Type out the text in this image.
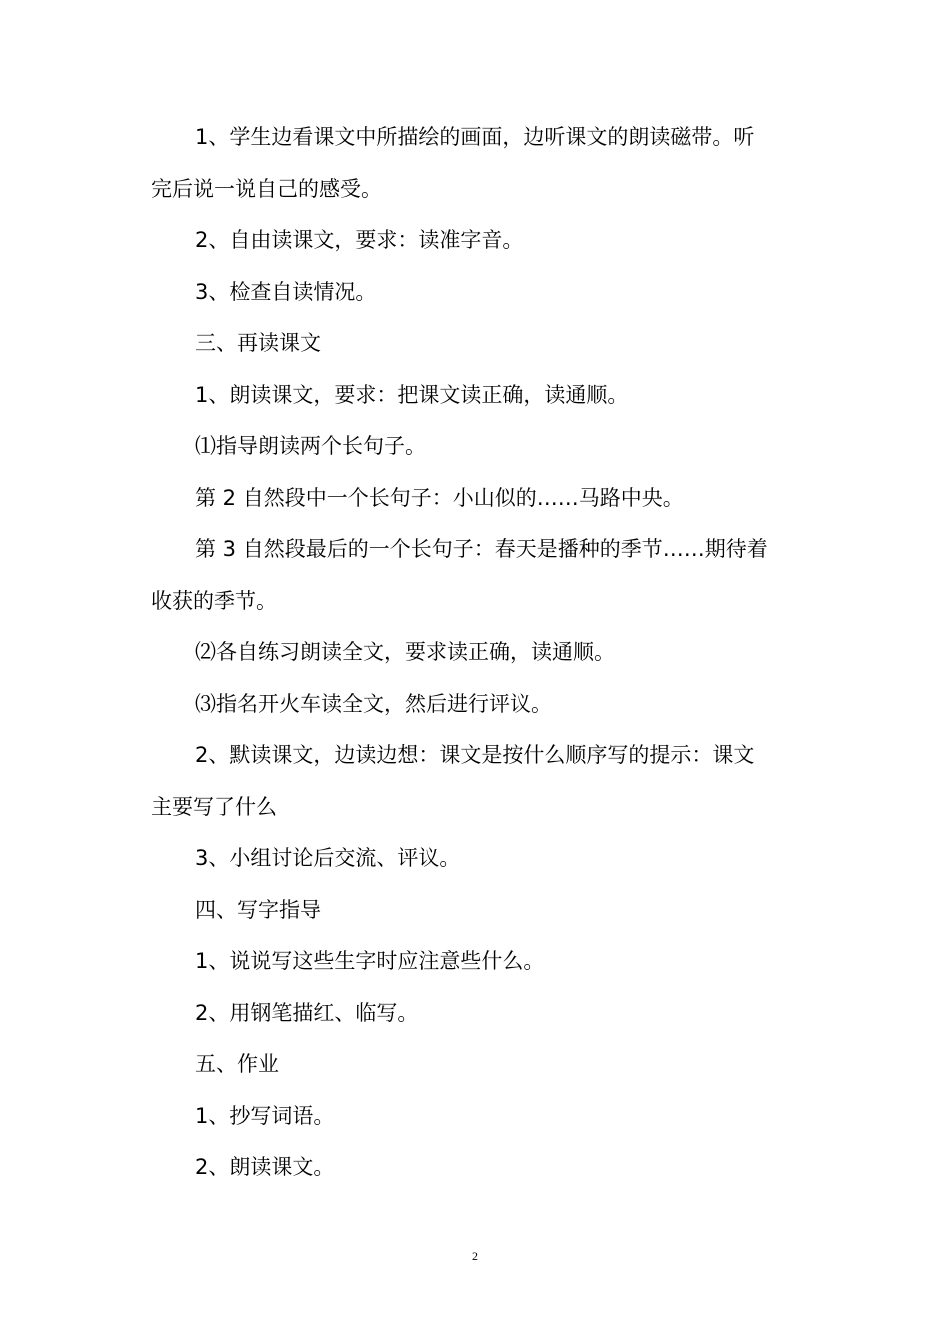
1、学生边看课文中所描绘的画面，边听课文的朗读磁带。听
完后说一说自己的感受。

2、自由读课文，要求：读准字音。

3、检查自读情况。

三、再读课文

1、朗读课文，要求：把课文读正确，读通顺。

⑴指导朗读两个长句子。

第 2 自然段中一个长句子：小山似的……马路中央。

第 3 自然段最后的一个长句子：春天是播种的季节……期待着
收获的季节。

⑵各自练习朗读全文，要求读正确，读通顺。

⑶指名开火车读全文，然后进行评议。

2、默读课文，边读边想：课文是按什么顺序写的提示：课文
主要写了什么

3、小组讨论后交流、评议。

四、写字指导

1、说说写这些生字时应注意些什么。

2、用钢笔描红、临写。

五、作业

1、抄写词语。

2、朗读课文。

2
